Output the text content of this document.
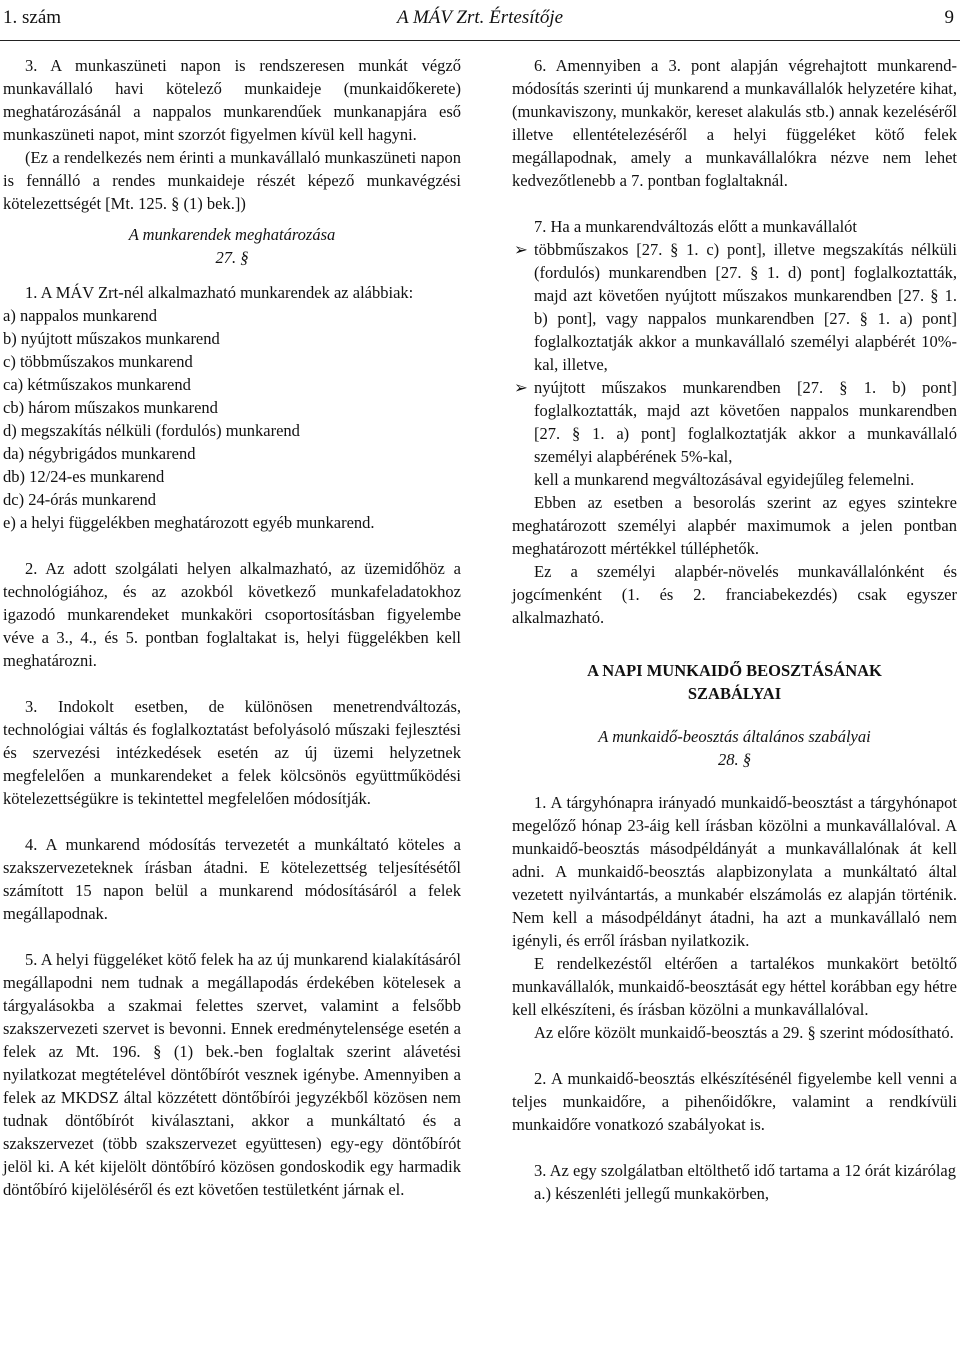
1. szám	A MÁV Zrt. Értesítője	9

3. A munkaszüneti napon is rendszeresen munkát végző munkavállaló havi kötelező munkaideje (munkaidőkerete) meghatározásánál a nappalos munkarendűek munkanapjára eső munkaszüneti napot, mint szorzót figyelmen kívül kell hagyni.

(Ez a rendelkezés nem érinti a munkavállaló munkaszüneti napon is fennálló a rendes munkaideje részét képező munkavégzési kötelezettségét [Mt. 125. § (1) bek.])

A munkarendek meghatározása

27. §

1. A MÁV Zrt-nél alkalmazható munkarendek az alábbiak:

a) nappalos munkarend

b) nyújtott műszakos munkarend

c) többműszakos munkarend

ca) kétműszakos munkarend

cb) három műszakos munkarend

d) megszakítás nélküli (fordulós) munkarend

da) négybrigádos munkarend

db) 12/24-es munkarend

dc) 24-órás munkarend

e) a helyi függelékben meghatározott egyéb munkarend.

2. Az adott szolgálati helyen alkalmazható, az üzemidőhöz a technológiához, és az azokból következő munkafeladatokhoz igazodó munkarendeket munkaköri csoportosításban figyelembe véve a 3., 4., és 5. pontban foglaltakat is, helyi függelékben kell meghatározni.

3. Indokolt esetben, de különösen menetrendváltozás, technológiai váltás és foglalkoztatást befolyásoló műszaki fejlesztési és szervezési intézkedések esetén az új üzemi helyzetnek megfelelően a munkarendeket a felek kölcsönös együttműködési kötelezettségükre is tekintettel megfelelően módosítják.

4. A munkarend módosítás tervezetét a munkáltató köteles a szakszervezeteknek írásban átadni. E kötelezettség teljesítésétől számított 15 napon belül a munkarend módosításáról a felek megállapodnak.

5. A helyi függeléket kötő felek ha az új munkarend kialakításáról megállapodni nem tudnak a megállapodás érdekében kötelesek a tárgyalásokba a szakmai felettes szervet, valamint a felsőbb szakszervezeti szervet is bevonni. Ennek eredménytelensége esetén a felek az Mt. 196. § (1) bek.-ben foglaltak szerint alávetési nyilatkozat megtételével döntőbírót vesznek igénybe. Amennyiben a felek az MKDSZ által közzétett döntőbírói jegyzékből közösen nem tudnak döntőbírót kiválasztani, akkor a munkáltató és a szakszervezet (több szakszervezet együttesen) egy-egy döntőbírót jelöl ki. A két kijelölt döntőbíró közösen gondoskodik egy harmadik döntőbíró kijelöléséről és ezt követően testületként járnak el.

6. Amennyiben a 3. pont alapján végrehajtott munkarend-módosítás szerinti új munkarend a munkavállalók helyzetére kihat, (munkaviszony, munkakör, kereset alakulás stb.) annak kezeléséről illetve ellentételezéséről a helyi függeléket kötő felek megállapodnak, amely a munkavállalókra nézve nem lehet kedvezőtlenebb a 7. pontban foglaltaknál.

7. Ha a munkarendváltozás előtt a munkavállalót

➢ többműszakos [27. § 1. c) pont], illetve megszakítás nélküli (fordulós) munkarendben [27. § 1. d) pont] foglalkoztatták, majd azt követően nyújtott műszakos munkarendben [27. § 1. b) pont], vagy nappalos munkarendben [27. § 1. a) pont] foglalkoztatják akkor a munkavállaló személyi alapbérét 10%-kal, illetve,

➢ nyújtott műszakos munkarendben [27. § 1. b) pont] foglalkoztatták, majd azt követően nappalos munkarendben [27. § 1. a) pont] foglalkoztatják akkor a munkavállaló személyi alapbérének 5%-kal,

kell a munkarend megváltozásával egyidejűleg felemelni.

Ebben az esetben a besorolás szerint az egyes szintekre meghatározott személyi alapbér maximumok a jelen pontban meghatározott mértékkel túlléphetők.

Ez a személyi alapbér-növelés munkavállalónként és jogcímenként (1. és 2. franciabekezdés) csak egyszer alkalmazható.

A NAPI MUNKAIDŐ BEOSZTÁSÁNAK

SZABÁLYAI

A munkaidő-beosztás általános szabályai

28. §

1. A tárgyhónapra irányadó munkaidő-beosztást a tárgyhónapot megelőző hónap 23-áig kell írásban közölni a munkavállalóval. A munkaidő-beosztás másodpéldányát a munkavállalónak át kell adni. A munkaidő-beosztás alapbizonylata a munkáltató által vezetett nyilvántartás, a munkabér elszámolás ez alapján történik. Nem kell a másodpéldányt átadni, ha azt a munkavállaló nem igényli, és erről írásban nyilatkozik.

E rendelkezéstől eltérően a tartalékos munkakört betöltő munkavállalók, munkaidő-beosztását egy héttel korábban egy hétre kell elkészíteni, és írásban közölni a munkavállalóval.

Az előre közölt munkaidő-beosztás a 29. § szerint módosítható.

2. A munkaidő-beosztás elkészítésénél figyelembe kell venni a teljes munkaidőre, a pihenőidőkre, valamint a rendkívüli munkaidőre vonatkozó szabályokat is.

3. Az egy szolgálatban eltölthető idő tartama a 12 órát kizárólag

a.) készenléti jellegű munkakörben,
